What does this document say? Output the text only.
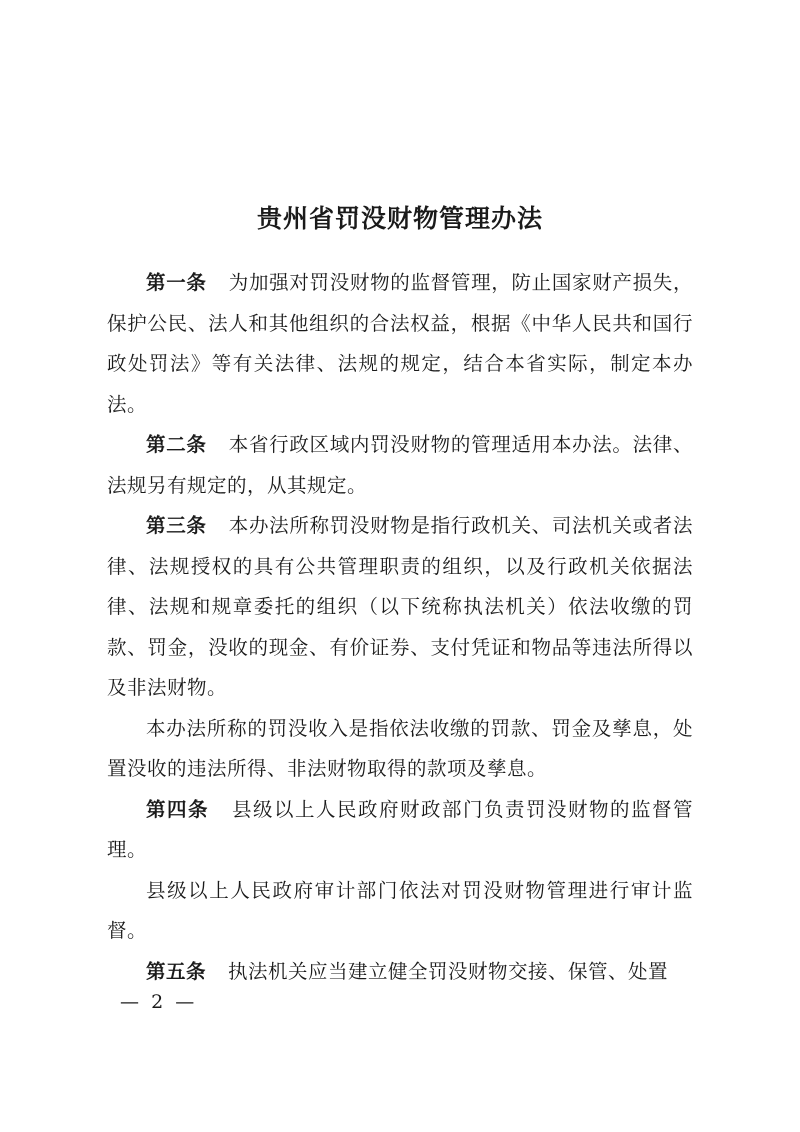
贵州省罚没财物管理办法

第一条 为加强对罚没财物的监督管理，防止国家财产损失，保护公民、法人和其他组织的合法权益，根据《中华人民共和国行政处罚法》等有关法律、法规的规定，结合本省实际，制定本办法。

第二条 本省行政区域内罚没财物的管理适用本办法。法律、法规另有规定的，从其规定。

第三条 本办法所称罚没财物是指行政机关、司法机关或者法律、法规授权的具有公共管理职责的组织，以及行政机关依据法律、法规和规章委托的组织（以下统称执法机关）依法收缴的罚款、罚金，没收的现金、有价证券、支付凭证和物品等违法所得以及非法财物。

本办法所称的罚没收入是指依法收缴的罚款、罚金及孳息，处置没收的违法所得、非法财物取得的款项及孳息。

第四条 县级以上人民政府财政部门负责罚没财物的监督管理。

县级以上人民政府审计部门依法对罚没财物管理进行审计监督。

第五条 执法机关应当建立健全罚没财物交接、保管、处置

—  2  —
